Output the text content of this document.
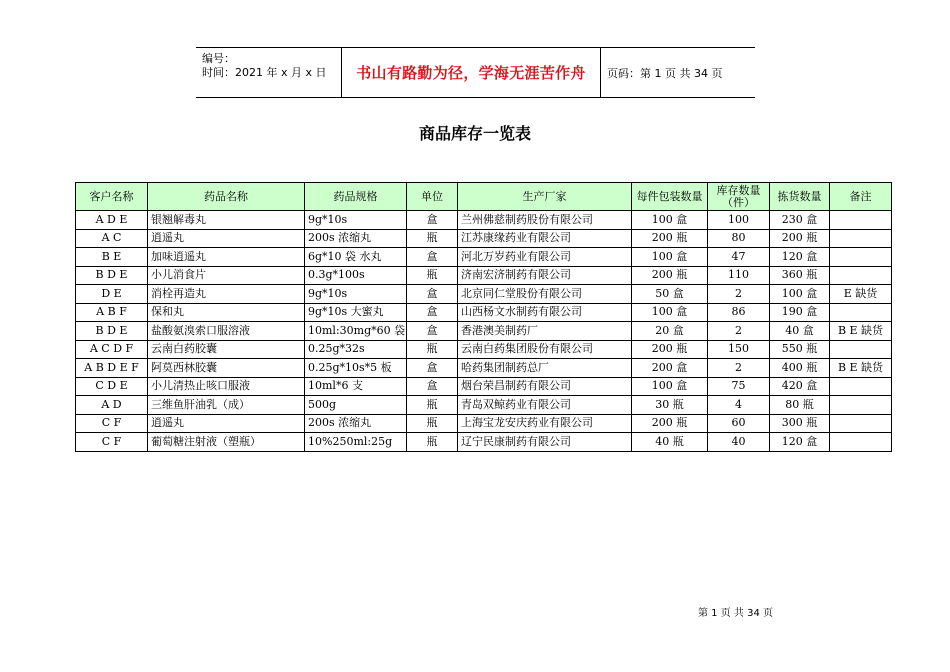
编号：
时间：2021 年 x 月 x 日	书山有路勤为径，学海无涯苦作舟	页码：第 1 页 共 34 页
商品库存一览表
客户名称	药品名称	药品规格	单位	生产厂家	每件包装数量	库存数量（件）	拣货数量	备注
A D E	银翘解毒丸	9g*10s	盒	兰州佛慈制药股份有限公司	100 盒	100	230 盒	
A C	逍遥丸	200s 浓缩丸	瓶	江苏康缘药业有限公司	200 瓶	80	200 瓶	
B E	加味逍遥丸	6g*10 袋 水丸	盒	河北万岁药业有限公司	100 盒	47	120 盒	
B D E	小儿消食片	0.3g*100s	瓶	济南宏济制药有限公司	200 瓶	110	360 瓶	
D E	消栓再造丸	9g*10s	盒	北京同仁堂股份有限公司	50 盒	2	100 盒	E 缺货
A B F	保和丸	9g*10s 大蜜丸	盒	山西杨文水制药有限公司	100 盒	86	190 盒	
B D E	盐酸氨溴索口服溶液	10ml:30mg*60 袋	盒	香港澳美制药厂	20 盒	2	40 盒	B E 缺货
A C D F	云南白药胶囊	0.25g*32s	瓶	云南白药集团股份有限公司	200 瓶	150	550 瓶	
A B D E F	阿莫西林胶囊	0.25g*10s*5 板	盒	哈药集团制药总厂	200 盒	2	400 瓶	B E 缺货
C D E	小儿清热止咳口服液	10ml*6 支	盒	烟台荣昌制药有限公司	100 盒	75	420 盒	
A D	三维鱼肝油乳（成）	500g	瓶	青岛双鲸药业有限公司	30 瓶	4	80 瓶	
C F	逍遥丸	200s 浓缩丸	瓶	上海宝龙安庆药业有限公司	200 瓶	60	300 瓶	
C F	葡萄糖注射液（塑瓶）	10%250ml:25g	瓶	辽宁民康制药有限公司	40 瓶	40	120 盒	
第 1 页 共 34 页
